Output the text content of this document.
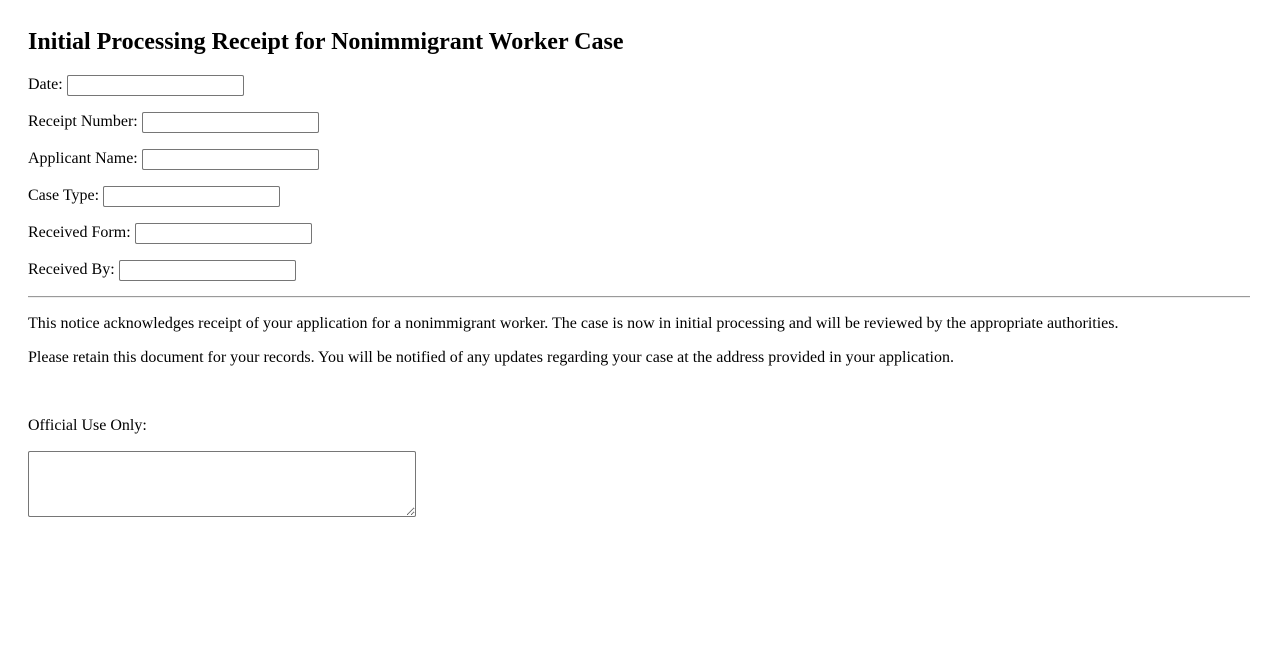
Initial Processing Receipt for Nonimmigrant Worker Case
Date:
Receipt Number:
Applicant Name:
Case Type:
Received Form:
Received By:

This notice acknowledges receipt of your application for a nonimmigrant worker. The case is now in initial processing and will be reviewed by the appropriate authorities.

Please retain this document for your records. You will be notified of any updates regarding your case at the address provided in your application.

Official Use Only:
